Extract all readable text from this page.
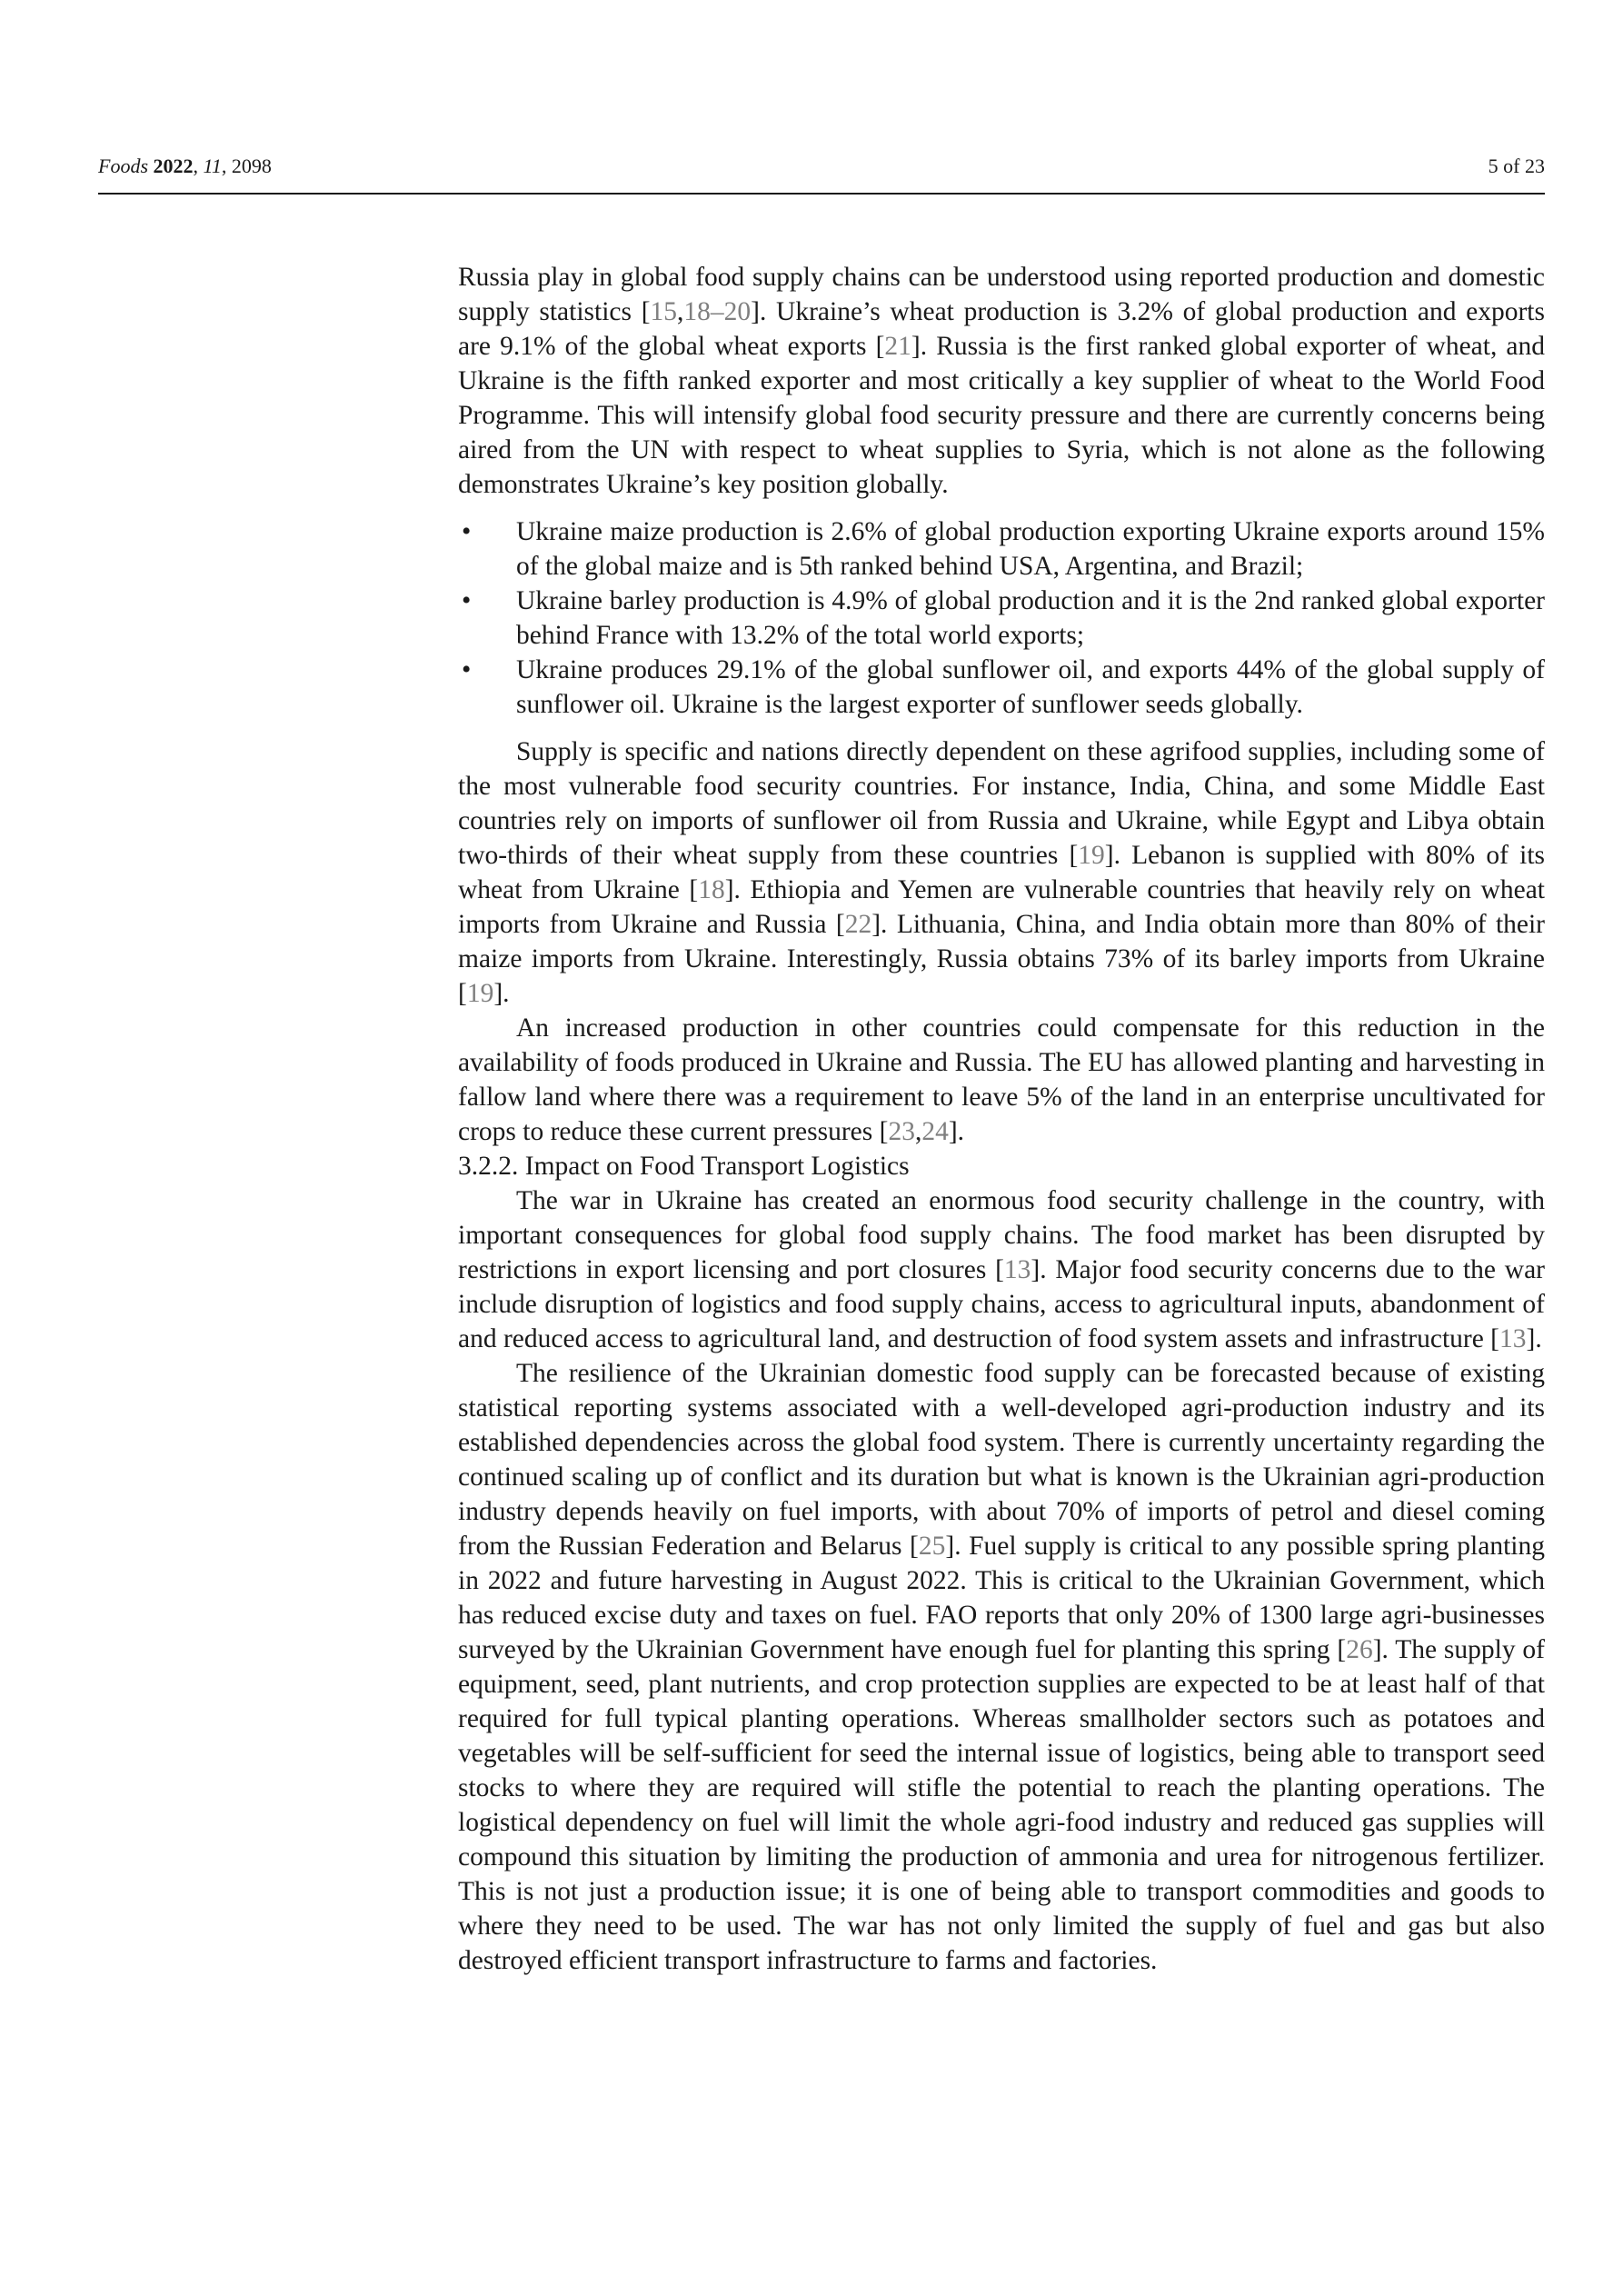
Foods 2022, 11, 2098	5 of 23

Russia play in global food supply chains can be understood using reported production and domestic supply statistics [15,18–20]. Ukraine’s wheat production is 3.2% of global production and exports are 9.1% of the global wheat exports [21]. Russia is the first ranked global exporter of wheat, and Ukraine is the fifth ranked exporter and most critically a key supplier of wheat to the World Food Programme. This will intensify global food security pressure and there are currently concerns being aired from the UN with respect to wheat supplies to Syria, which is not alone as the following demonstrates Ukraine’s key position globally.

• Ukraine maize production is 2.6% of global production exporting Ukraine exports around 15% of the global maize and is 5th ranked behind USA, Argentina, and Brazil;
• Ukraine barley production is 4.9% of global production and it is the 2nd ranked global exporter behind France with 13.2% of the total world exports;
• Ukraine produces 29.1% of the global sunflower oil, and exports 44% of the global supply of sunflower oil. Ukraine is the largest exporter of sunflower seeds globally.

Supply is specific and nations directly dependent on these agrifood supplies, including some of the most vulnerable food security countries. For instance, India, China, and some Middle East countries rely on imports of sunflower oil from Russia and Ukraine, while Egypt and Libya obtain two-thirds of their wheat supply from these countries [19]. Lebanon is supplied with 80% of its wheat from Ukraine [18]. Ethiopia and Yemen are vulnerable countries that heavily rely on wheat imports from Ukraine and Russia [22]. Lithuania, China, and India obtain more than 80% of their maize imports from Ukraine. Interestingly, Russia obtains 73% of its barley imports from Ukraine [19].

An increased production in other countries could compensate for this reduction in the availability of foods produced in Ukraine and Russia. The EU has allowed planting and harvesting in fallow land where there was a requirement to leave 5% of the land in an enterprise uncultivated for crops to reduce these current pressures [23,24].

3.2.2. Impact on Food Transport Logistics

The war in Ukraine has created an enormous food security challenge in the country, with important consequences for global food supply chains. The food market has been disrupted by restrictions in export licensing and port closures [13]. Major food security concerns due to the war include disruption of logistics and food supply chains, access to agricultural inputs, abandonment of and reduced access to agricultural land, and destruction of food system assets and infrastructure [13].

The resilience of the Ukrainian domestic food supply can be forecasted because of existing statistical reporting systems associated with a well-developed agri-production industry and its established dependencies across the global food system. There is currently uncertainty regarding the continued scaling up of conflict and its duration but what is known is the Ukrainian agri-production industry depends heavily on fuel imports, with about 70% of imports of petrol and diesel coming from the Russian Federation and Belarus [25]. Fuel supply is critical to any possible spring planting in 2022 and future harvesting in August 2022. This is critical to the Ukrainian Government, which has reduced excise duty and taxes on fuel. FAO reports that only 20% of 1300 large agri-businesses surveyed by the Ukrainian Government have enough fuel for planting this spring [26]. The supply of equipment, seed, plant nutrients, and crop protection supplies are expected to be at least half of that required for full typical planting operations. Whereas smallholder sectors such as potatoes and vegetables will be self-sufficient for seed the internal issue of logistics, being able to transport seed stocks to where they are required will stifle the potential to reach the planting operations. The logistical dependency on fuel will limit the whole agri-food industry and reduced gas supplies will compound this situation by limiting the production of ammonia and urea for nitrogenous fertilizer. This is not just a production issue; it is one of being able to transport commodities and goods to where they need to be used. The war has not only limited the supply of fuel and gas but also destroyed efficient transport infrastructure to farms and factories.
